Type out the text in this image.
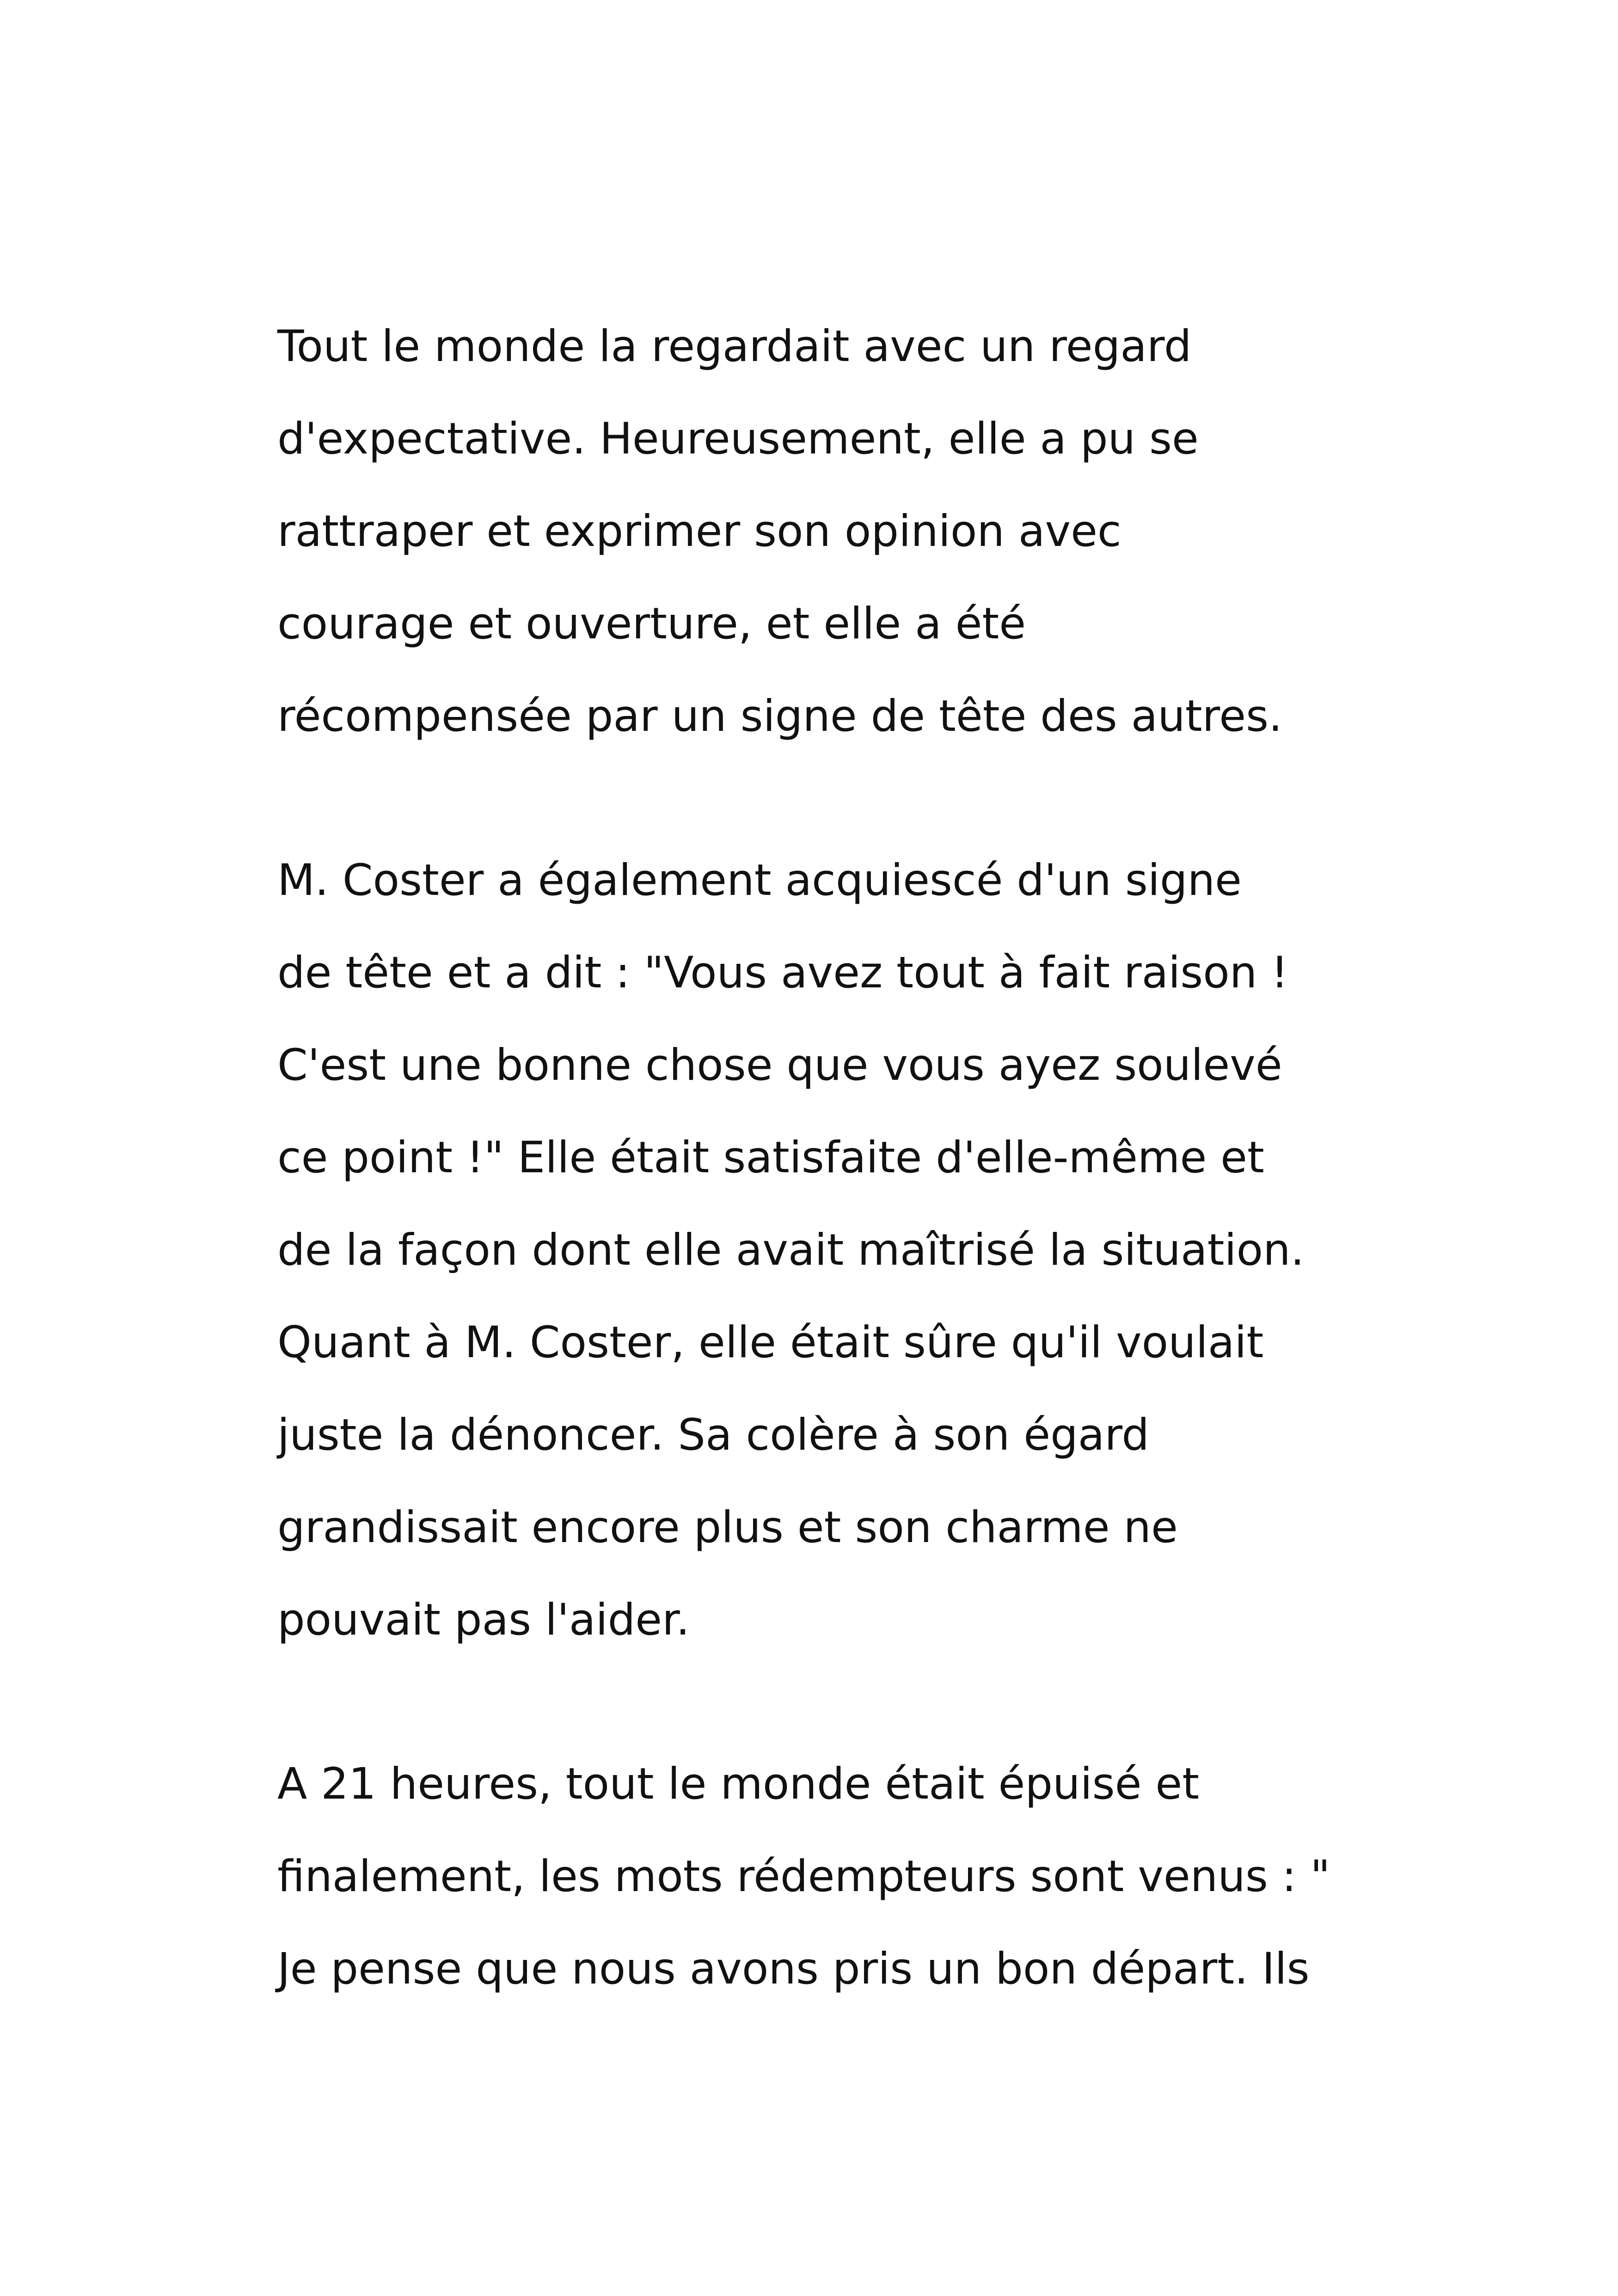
Tout le monde la regardait avec un regard
d'expectative. Heureusement, elle a pu se
rattraper et exprimer son opinion avec
courage et ouverture, et elle a été
récompensée par un signe de tête des autres.
M. Coster a également acquiescé d'un signe
de tête et a dit : "Vous avez tout à fait raison !
C'est une bonne chose que vous ayez soulevé
ce point !" Elle était satisfaite d'elle-même et
de la façon dont elle avait maîtrisé la situation.
Quant à M. Coster, elle était sûre qu'il voulait
juste la dénoncer. Sa colère à son égard
grandissait encore plus et son charme ne
pouvait pas l'aider.
A 21 heures, tout le monde était épuisé et
finalement, les mots rédempteurs sont venus : "
Je pense que nous avons pris un bon départ. Ils
